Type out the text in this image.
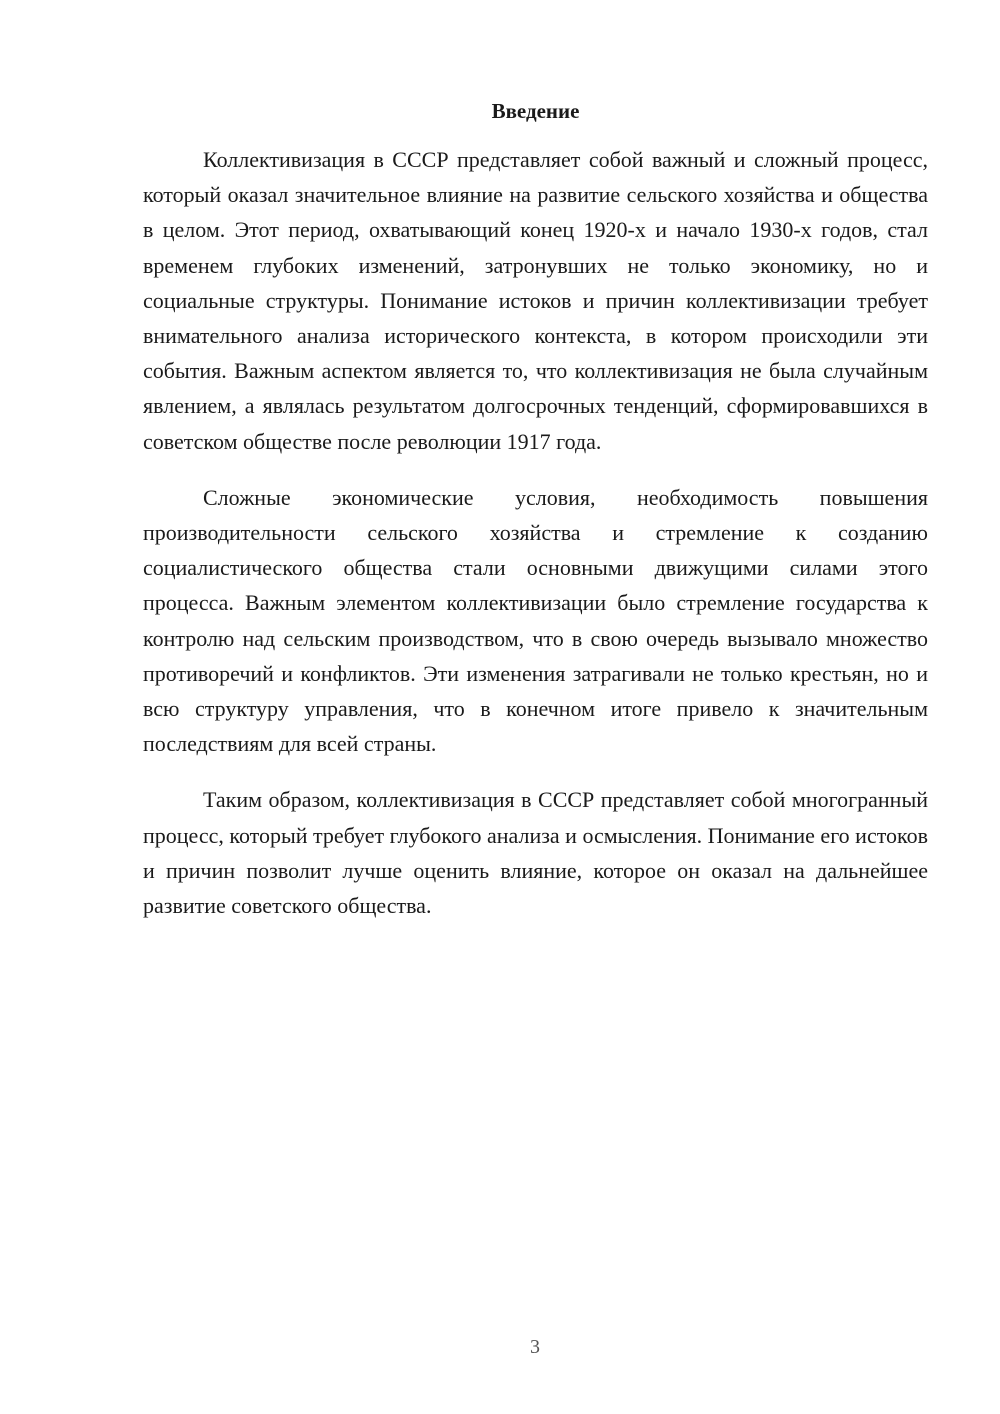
Введение

Коллективизация в СССР представляет собой важный и сложный процесс, который оказал значительное влияние на развитие сельского хозяйства и общества в целом. Этот период, охватывающий конец 1920-х и начало 1930-х годов, стал временем глубоких изменений, затронувших не только экономику, но и социальные структуры. Понимание истоков и причин коллективизации требует внимательного анализа исторического контекста, в котором происходили эти события. Важным аспектом является то, что коллективизация не была случайным явлением, а являлась результатом долгосрочных тенденций, сформировавшихся в советском обществе после революции 1917 года.

Сложные экономические условия, необходимость повышения производительности сельского хозяйства и стремление к созданию социалистического общества стали основными движущими силами этого процесса. Важным элементом коллективизации было стремление государства к контролю над сельским производством, что в свою очередь вызывало множество противоречий и конфликтов. Эти изменения затрагивали не только крестьян, но и всю структуру управления, что в конечном итоге привело к значительным последствиям для всей страны.

Таким образом, коллективизация в СССР представляет собой многогранный процесс, который требует глубокого анализа и осмысления. Понимание его истоков и причин позволит лучше оценить влияние, которое он оказал на дальнейшее развитие советского общества.

3
